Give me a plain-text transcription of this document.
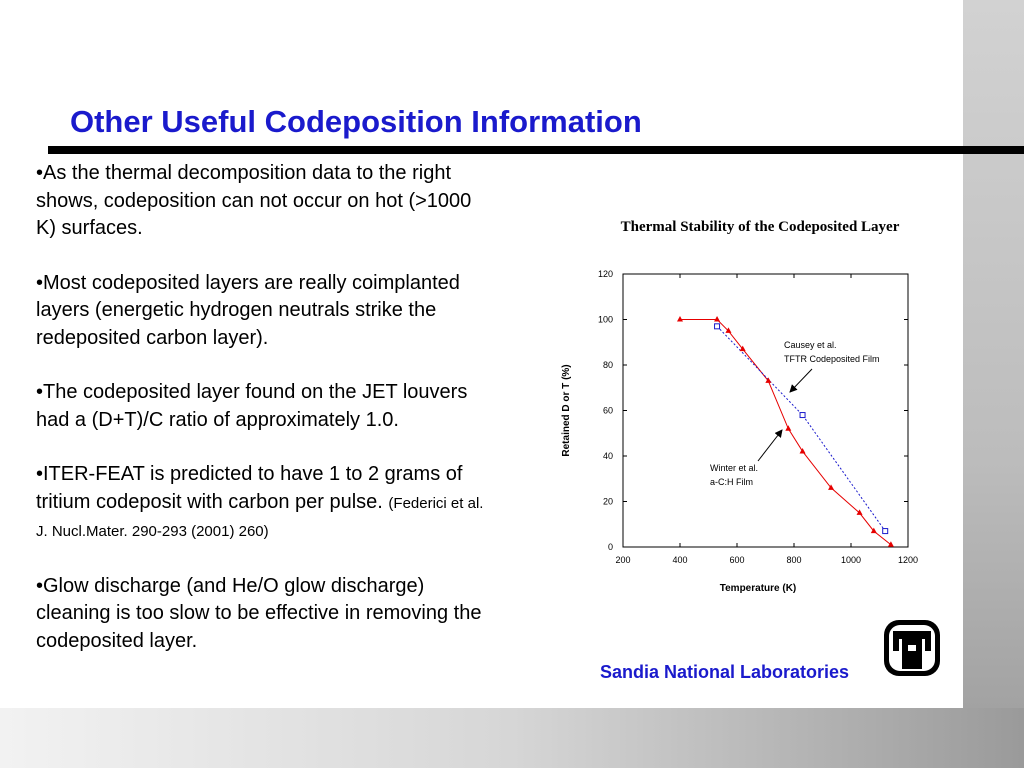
Other Useful Codeposition Information

•As the thermal decomposition data to the right shows, codeposition can not occur on hot (>1000 K) surfaces.

•Most codeposited layers are really coimplanted layers (energetic hydrogen neutrals strike the redeposited carbon layer).

•The codeposited layer found on the JET louvers had a (D+T)/C ratio of approximately 1.0.

•ITER-FEAT is predicted to have 1 to 2 grams of tritium codeposit with carbon per pulse. (Federici et al. J. Nucl.Mater. 290-293 (2001) 260)

•Glow discharge (and He/O glow discharge) cleaning is too slow to be effective in removing the codeposited layer.

Thermal Stability of the Codeposited Layer
200	400	600	800	1000	1200
0
20
40
60
80
100
120
Causey et al.
TFTR Codeposited Film
Winter et al.
a-C:H Film
Temperature (K)
Retained D or T (%)

Sandia National Laboratories
